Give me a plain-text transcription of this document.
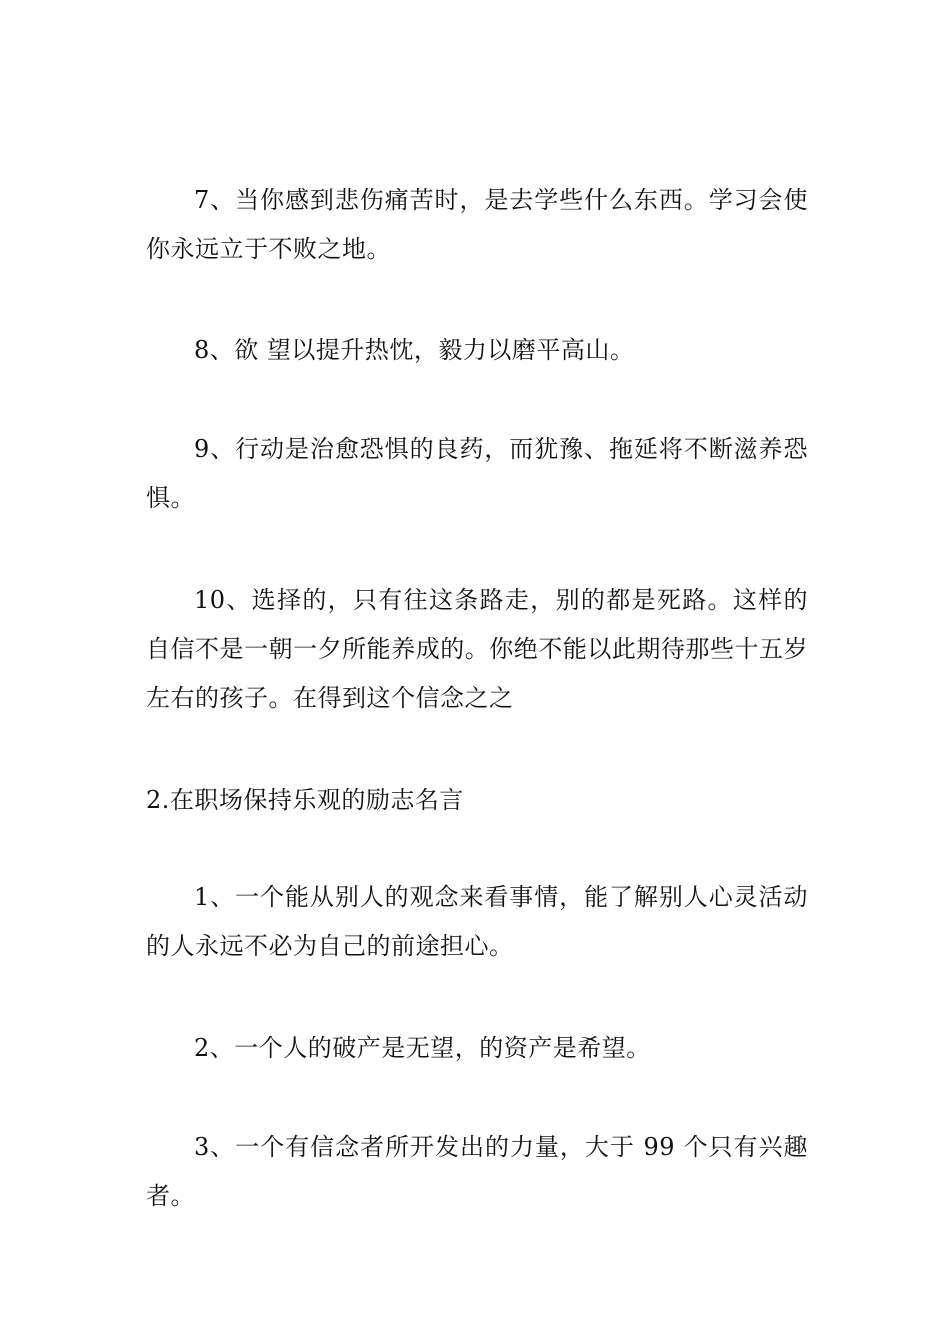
7、当你感到悲伤痛苦时，是去学些什么东西。学习会使你永远立于不败之地。

8、欲 望以提升热忱，毅力以磨平高山。

9、行动是治愈恐惧的良药，而犹豫、拖延将不断滋养恐惧。

10、选择的，只有往这条路走，别的都是死路。这样的自信不是一朝一夕所能养成的。你绝不能以此期待那些十五岁左右的孩子。在得到这个信念之之

2.在职场保持乐观的励志名言

1、一个能从别人的观念来看事情，能了解别人心灵活动的人永远不必为自己的前途担心。

2、一个人的破产是无望，的资产是希望。

3、一个有信念者所开发出的力量，大于 99 个只有兴趣者。
